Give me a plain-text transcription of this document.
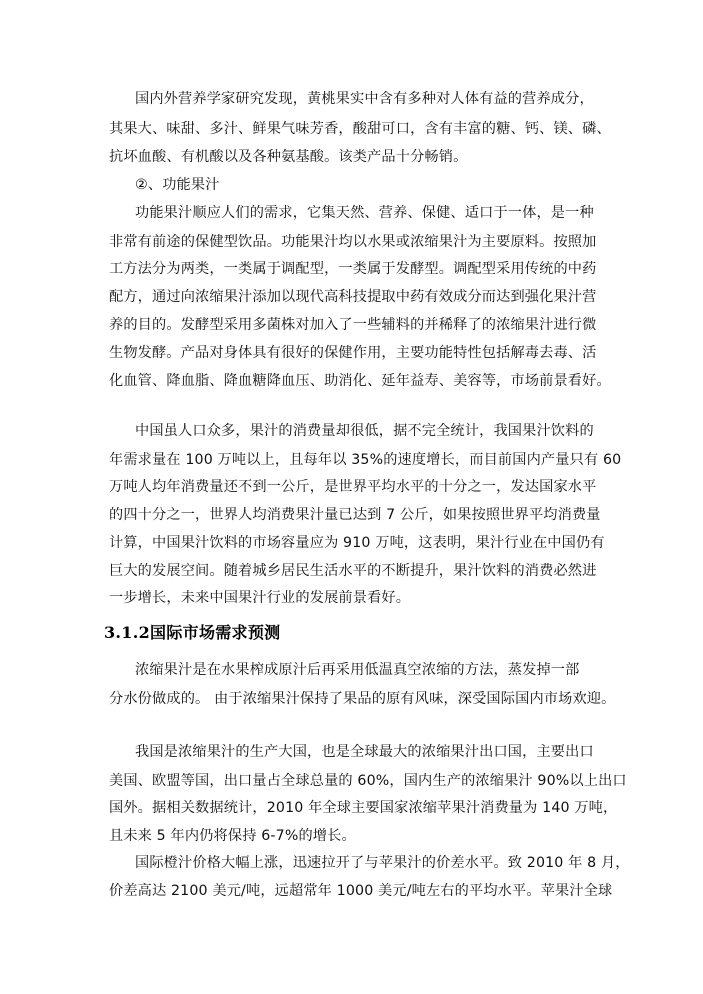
国内外营养学家研究发现，黄桃果实中含有多种对人体有益的营养成分，
其果大、味甜、多汁、鲜果气味芳香，酸甜可口，含有丰富的糖、钙、镁、磷、
抗坏血酸、有机酸以及各种氨基酸。该类产品十分畅销。
②、功能果汁
功能果汁顺应人们的需求，它集天然、营养、保健、适口于一体，是一种
非常有前途的保健型饮品。功能果汁均以水果或浓缩果汁为主要原料。按照加
工方法分为两类，一类属于调配型，一类属于发酵型。调配型采用传统的中药
配方，通过向浓缩果汁添加以现代高科技提取中药有效成分而达到强化果汁营
养的目的。发酵型采用多菌株对加入了一些辅料的并稀释了的浓缩果汁进行微
生物发酵。产品对身体具有很好的保健作用，主要功能特性包括解毒去毒、活
化血管、降血脂、降血糖降血压、助消化、延年益寿、美容等，市场前景看好。
中国虽人口众多，果汁的消费量却很低，据不完全统计，我国果汁饮料的
年需求量在 100 万吨以上，且每年以 35%的速度增长，而目前国内产量只有 60
万吨人均年消费量还不到一公斤，是世界平均水平的十分之一，发达国家水平
的四十分之一，世界人均消费果汁量已达到 7 公斤，如果按照世界平均消费量
计算，中国果汁饮料的市场容量应为 910 万吨，这表明，果汁行业在中国仍有
巨大的发展空间。随着城乡居民生活水平的不断提升，果汁饮料的消费必然进
一步增长，未来中国果汁行业的发展前景看好。
3.1.2国际市场需求预测
浓缩果汁是在水果榨成原汁后再采用低温真空浓缩的方法，蒸发掉一部
分水份做成的。 由于浓缩果汁保持了果品的原有风味，深受国际国内市场欢迎。
我国是浓缩果汁的生产大国，也是全球最大的浓缩果汁出口国，主要出口
美国、欧盟等国，出口量占全球总量的 60%，国内生产的浓缩果汁 90%以上出口
国外。据相关数据统计，2010 年全球主要国家浓缩苹果汁消费量为 140 万吨，
且未来 5 年内仍将保持 6-7%的增长。
国际橙汁价格大幅上涨，迅速拉开了与苹果汁的价差水平。致 2010 年 8 月，
价差高达 2100 美元/吨，远超常年 1000 美元/吨左右的平均水平。苹果汁全球
